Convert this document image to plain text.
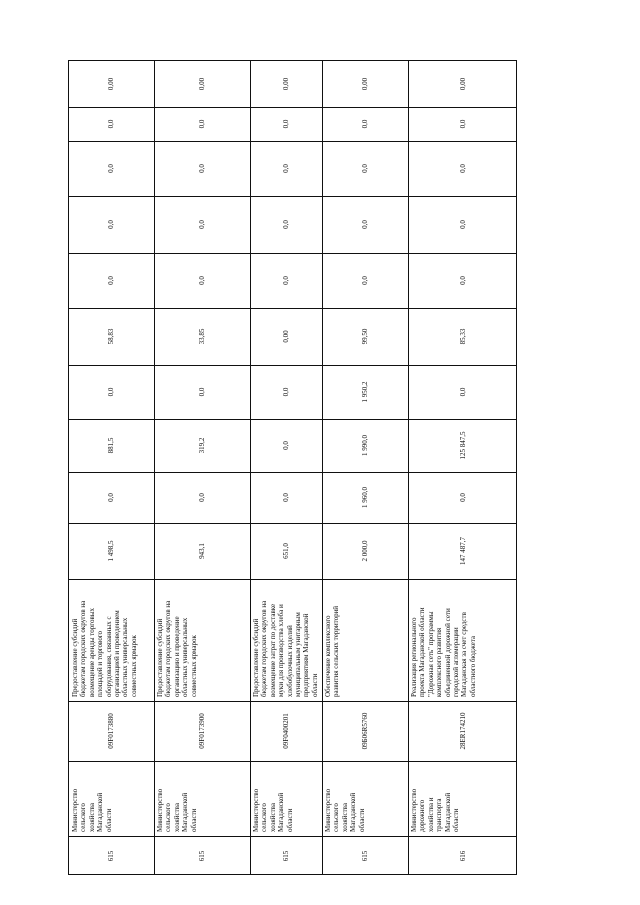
615
Министерство
сельского
хозяйства
Магаданской
области
09F0173880
Предоставление субсидий
бюджетам городских округов на
возмещение аренды торговых
площадей и торгового
оборудования, связанных с
организацией и проведением
областных универсальных
совместных ярмарок
1 498,5
0,0
881,5
0,0
58,83
0,0
0,0
0,0
0,0
0,00
615
Министерство
сельского
хозяйства
Магаданской
области
09F0173900
Предоставление субсидий
бюджетам городских округов на
организацию и проведение
областных универсальных
совместных ярмарок
943,1
0,0
319,2
0,0
33,85
0,0
0,0
0,0
0,0
0,00
615
Министерство
сельского
хозяйства
Магаданской
области
09F0400201
Предоставление субсидий
бюджетам городских округов на
возмещение затрат по доставке
муки для производства хлеба и
хлебобулочных изделий
муниципальным унитарным
предприятиям Магаданской
области
651,0
0,0
0,0
0,0
0,00
0,0
0,0
0,0
0,0
0,00
615
Министерство
сельского
хозяйства
Магаданской
области
09Б06R5760
Обеспечение комплексного
развития сельских территорий
2 000,0
1 960,0
1 990,0
1 950,2
99,50
0,0
0,0
0,0
0,0
0,00
616
Министерство
дорожного
хозяйства и
транспорта
Магаданской
области
28ER174210
Реализация регионального
проекта Магаданской области
"Дорожная сеть" программы
комплексного развития
объединенной дорожной сети
городской агломерации
Магаданская за счет средств
областного бюджета
147 487,7
0,0
125 847,5
0,0
85,33
0,0
0,0
0,0
0,0
0,00
